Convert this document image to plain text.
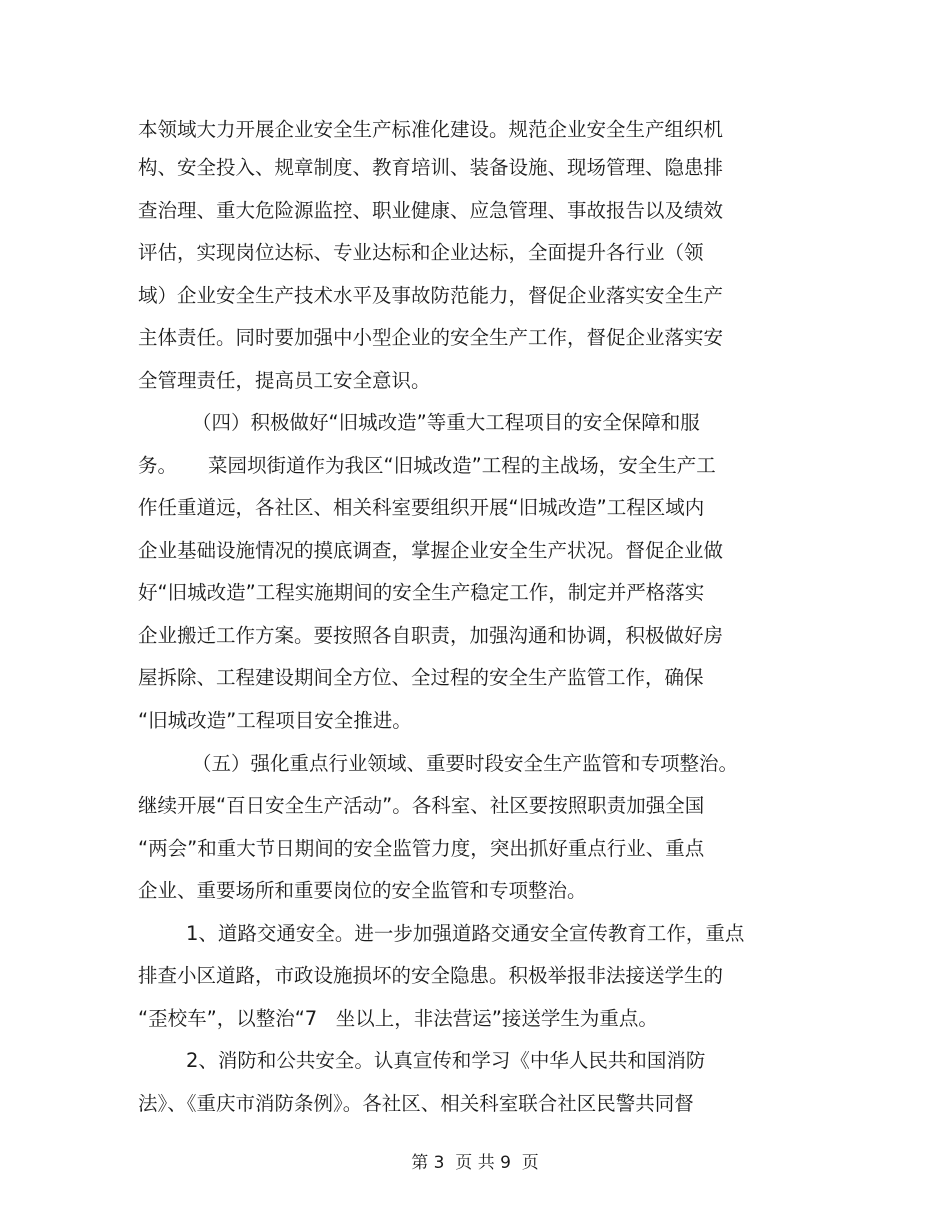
本领域大力开展企业安全生产标准化建设。规范企业安全生产组织机
构、安全投入、规章制度、教育培训、装备设施、现场管理、隐患排
查治理、重大危险源监控、职业健康、应急管理、事故报告以及绩效
评估，实现岗位达标、专业达标和企业达标，全面提升各行业（领
域）企业安全生产技术水平及事故防范能力，督促企业落实安全生产
主体责任。同时要加强中小型企业的安全生产工作，督促企业落实安
全管理责任，提高员工安全意识。
（四）积极做好“旧城改造”等重大工程项目的安全保障和服
务。     菜园坝街道作为我区“旧城改造”工程的主战场，安全生产工
作任重道远，各社区、相关科室要组织开展“旧城改造”工程区域内
企业基础设施情况的摸底调查，掌握企业安全生产状况。督促企业做
好“旧城改造”工程实施期间的安全生产稳定工作，制定并严格落实
企业搬迁工作方案。要按照各自职责，加强沟通和协调，积极做好房
屋拆除、工程建设期间全方位、全过程的安全生产监管工作，确保
“旧城改造”工程项目安全推进。
（五）强化重点行业领域、重要时段安全生产监管和专项整治。
继续开展“百日安全生产活动”。各科室、社区要按照职责加强全国
“两会”和重大节日期间的安全监管力度，突出抓好重点行业、重点
企业、重要场所和重要岗位的安全监管和专项整治。
1、道路交通安全。进一步加强道路交通安全宣传教育工作，重点
排查小区道路，市政设施损坏的安全隐患。积极举报非法接送学生的
“歪校车”，以整治“7   坐以上，非法营运”接送学生为重点。
2、消防和公共安全。认真宣传和学习《中华人民共和国消防
法》、《重庆市消防条例》。各社区、相关科室联合社区民警共同督
第 3  页 共 9  页
